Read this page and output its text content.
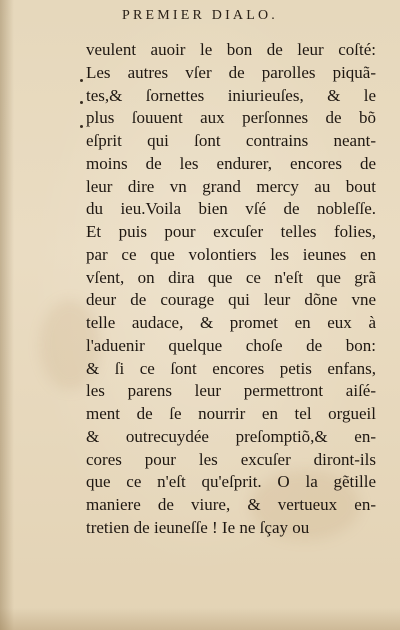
PREMIER DIALO.
veulent auoir le bon de leur coſté:
Les autres vſer de parolles piquã-
tes,& ſornettes iniurieuſes, & le
plus ſouuent aux perſonnes de bõ
eſprit qui ſont contrains neant-
moins de les endurer, encores de
leur dire vn grand mercy au bout
du ieu.Voila bien vſé de nobleſſe.
Et puis pour excuſer telles folies,
par ce que volontiers les ieunes en
vſent, on dira que ce n'eſt que grã
deur de courage qui leur dõne vne
telle audace, & promet en eux à
l'aduenir quelque choſe de bon:
& ſi ce ſont encores petis enfans,
les parens leur permettront aiſé-
ment de ſe nourrir en tel orgueil
& outrecuydée preſomptiõ,& en-
cores pour les excuſer diront-ils
que ce n'eſt qu'eſprit. O la gẽtille
maniere de viure, & vertueux en-
tretien de ieuneſſe ! Ie ne ſçay ou
